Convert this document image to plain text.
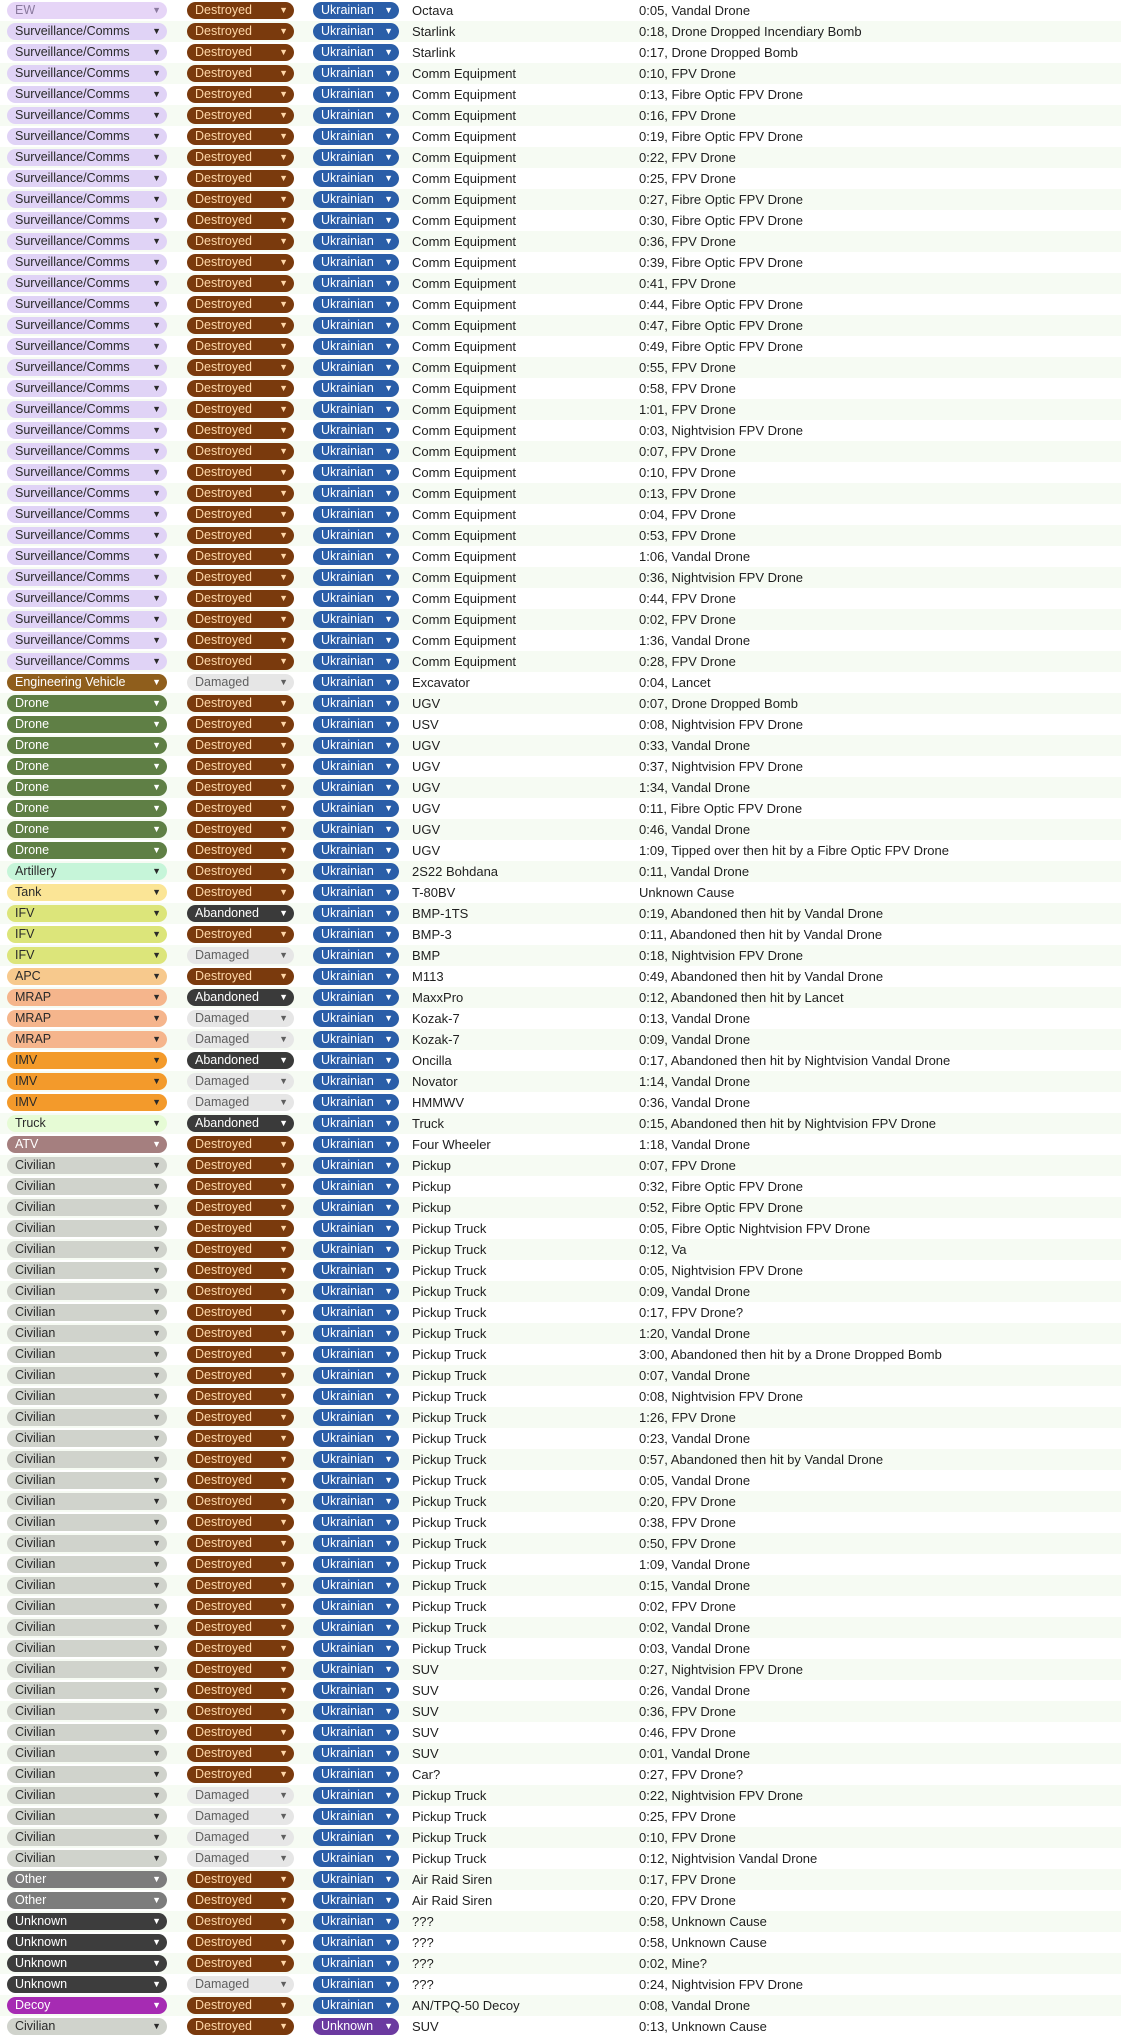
EW	▼	Destroyed	▼	Ukrainian ▼ Octava	0:05, Vandal Drone
Surveillance/Comms ▼	Destroyed	▼	Ukrainian ▼ Starlink	0:18, Drone Dropped Incendiary Bomb
Surveillance/Comms ▼	Destroyed	▼	Ukrainian ▼ Starlink	0:17, Drone Dropped Bomb
Surveillance/Comms ▼	Destroyed	▼	Ukrainian ▼ Comm Equipment	0:10, FPV Drone
Surveillance/Comms ▼	Destroyed	▼	Ukrainian ▼ Comm Equipment	0:13, Fibre Optic FPV Drone
Surveillance/Comms ▼	Destroyed	▼	Ukrainian ▼ Comm Equipment	0:16, FPV Drone
Surveillance/Comms ▼	Destroyed	▼	Ukrainian ▼ Comm Equipment	0:19, Fibre Optic FPV Drone
Surveillance/Comms ▼	Destroyed	▼	Ukrainian ▼ Comm Equipment	0:22, FPV Drone
Surveillance/Comms ▼	Destroyed	▼	Ukrainian ▼ Comm Equipment	0:25, FPV Drone
Surveillance/Comms ▼	Destroyed	▼	Ukrainian ▼ Comm Equipment	0:27, Fibre Optic FPV Drone
Surveillance/Comms ▼	Destroyed	▼	Ukrainian ▼ Comm Equipment	0:30, Fibre Optic FPV Drone
Surveillance/Comms ▼	Destroyed	▼	Ukrainian ▼ Comm Equipment	0:36, FPV Drone
Surveillance/Comms ▼	Destroyed	▼	Ukrainian ▼ Comm Equipment	0:39, Fibre Optic FPV Drone
Surveillance/Comms ▼	Destroyed	▼	Ukrainian ▼ Comm Equipment	0:41, FPV Drone
Surveillance/Comms ▼	Destroyed	▼	Ukrainian ▼ Comm Equipment	0:44, Fibre Optic FPV Drone
Surveillance/Comms ▼	Destroyed	▼	Ukrainian ▼ Comm Equipment	0:47, Fibre Optic FPV Drone
Surveillance/Comms ▼	Destroyed	▼	Ukrainian ▼ Comm Equipment	0:49, Fibre Optic FPV Drone
Surveillance/Comms ▼	Destroyed	▼	Ukrainian ▼ Comm Equipment	0:55, FPV Drone
Surveillance/Comms ▼	Destroyed	▼	Ukrainian ▼ Comm Equipment	0:58, FPV Drone
Surveillance/Comms ▼	Destroyed	▼	Ukrainian ▼ Comm Equipment	1:01, FPV Drone
Surveillance/Comms ▼	Destroyed	▼	Ukrainian ▼ Comm Equipment	0:03, Nightvision FPV Drone
Surveillance/Comms ▼	Destroyed	▼	Ukrainian ▼ Comm Equipment	0:07, FPV Drone
Surveillance/Comms ▼	Destroyed	▼	Ukrainian ▼ Comm Equipment	0:10, FPV Drone
Surveillance/Comms ▼	Destroyed	▼	Ukrainian ▼ Comm Equipment	0:13, FPV Drone
Surveillance/Comms ▼	Destroyed	▼	Ukrainian ▼ Comm Equipment	0:04, FPV Drone
Surveillance/Comms ▼	Destroyed	▼	Ukrainian ▼ Comm Equipment	0:53, FPV Drone
Surveillance/Comms ▼	Destroyed	▼	Ukrainian ▼ Comm Equipment	1:06, Vandal Drone
Surveillance/Comms ▼	Destroyed	▼	Ukrainian ▼ Comm Equipment	0:36, Nightvision FPV Drone
Surveillance/Comms ▼	Destroyed	▼	Ukrainian ▼ Comm Equipment	0:44, FPV Drone
Surveillance/Comms ▼	Destroyed	▼	Ukrainian ▼ Comm Equipment	0:02, FPV Drone
Surveillance/Comms ▼	Destroyed	▼	Ukrainian ▼ Comm Equipment	1:36, Vandal Drone
Surveillance/Comms ▼	Destroyed	▼	Ukrainian ▼ Comm Equipment	0:28, FPV Drone
Engineering Vehicle	▼	Damaged	▼	Ukrainian ▼ Excavator	0:04, Lancet
Drone	▼	Destroyed	▼	Ukrainian ▼ UGV	0:07, Drone Dropped Bomb
Drone	▼	Destroyed	▼	Ukrainian ▼ USV	0:08, Nightvision FPV Drone
Drone	▼	Destroyed	▼	Ukrainian ▼ UGV	0:33, Vandal Drone
Drone	▼	Destroyed	▼	Ukrainian ▼ UGV	0:37, Nightvision FPV Drone
Drone	▼	Destroyed	▼	Ukrainian ▼ UGV	1:34, Vandal Drone
Drone	▼	Destroyed	▼	Ukrainian ▼ UGV	0:11, Fibre Optic FPV Drone
Drone	▼	Destroyed	▼	Ukrainian ▼ UGV	0:46, Vandal Drone
Drone	▼	Destroyed	▼	Ukrainian ▼ UGV	1:09, Tipped over then hit by a Fibre Optic FPV Drone
Artillery	▼	Destroyed	▼	Ukrainian ▼ 2S22 Bohdana	0:11, Vandal Drone
Tank	▼	Destroyed	▼	Ukrainian ▼ T-80BV	Unknown Cause
IFV	▼	Abandoned ▼	Ukrainian ▼ BMP-1TS	0:19, Abandoned then hit by Vandal Drone
IFV	▼	Destroyed	▼	Ukrainian ▼ BMP-3	0:11, Abandoned then hit by Vandal Drone
IFV	▼	Damaged	▼	Ukrainian ▼ BMP	0:18, Nightvision FPV Drone
APC	▼	Destroyed	▼	Ukrainian ▼ M113	0:49, Abandoned then hit by Vandal Drone
MRAP	▼	Abandoned ▼	Ukrainian ▼ MaxxPro	0:12, Abandoned then hit by Lancet
MRAP	▼	Damaged	▼	Ukrainian ▼ Kozak-7	0:13, Vandal Drone
MRAP	▼	Damaged	▼	Ukrainian ▼ Kozak-7	0:09, Vandal Drone
IMV	▼	Abandoned ▼	Ukrainian ▼ Oncilla	0:17, Abandoned then hit by Nightvision Vandal Drone
IMV	▼	Damaged	▼	Ukrainian ▼ Novator	1:14, Vandal Drone
IMV	▼	Damaged	▼	Ukrainian ▼ HMMWV	0:36, Vandal Drone
Truck	▼	Abandoned ▼	Ukrainian ▼ Truck	0:15, Abandoned then hit by Nightvision FPV Drone
ATV	▼	Destroyed	▼	Ukrainian ▼ Four Wheeler	1:18, Vandal Drone
Civilian	▼	Destroyed	▼	Ukrainian ▼ Pickup	0:07, FPV Drone
Civilian	▼	Destroyed	▼	Ukrainian ▼ Pickup	0:32, Fibre Optic FPV Drone
Civilian	▼	Destroyed	▼	Ukrainian ▼ Pickup	0:52, Fibre Optic FPV Drone
Civilian	▼	Destroyed	▼	Ukrainian ▼ Pickup Truck	0:05, Fibre Optic Nightvision FPV Drone
Civilian	▼	Destroyed	▼	Ukrainian ▼ Pickup Truck	0:12, Va
Civilian	▼	Destroyed	▼	Ukrainian ▼ Pickup Truck	0:05, Nightvision FPV Drone
Civilian	▼	Destroyed	▼	Ukrainian ▼ Pickup Truck	0:09, Vandal Drone
Civilian	▼	Destroyed	▼	Ukrainian ▼ Pickup Truck	0:17, FPV Drone?
Civilian	▼	Destroyed	▼	Ukrainian ▼ Pickup Truck	1:20, Vandal Drone
Civilian	▼	Destroyed	▼	Ukrainian ▼ Pickup Truck	3:00, Abandoned then hit by a Drone Dropped Bomb
Civilian	▼	Destroyed	▼	Ukrainian ▼ Pickup Truck	0:07, Vandal Drone
Civilian	▼	Destroyed	▼	Ukrainian ▼ Pickup Truck	0:08, Nightvision FPV Drone
Civilian	▼	Destroyed	▼	Ukrainian ▼ Pickup Truck	1:26, FPV Drone
Civilian	▼	Destroyed	▼	Ukrainian ▼ Pickup Truck	0:23, Vandal Drone
Civilian	▼	Destroyed	▼	Ukrainian ▼ Pickup Truck	0:57, Abandoned then hit by Vandal Drone
Civilian	▼	Destroyed	▼	Ukrainian ▼ Pickup Truck	0:05, Vandal Drone
Civilian	▼	Destroyed	▼	Ukrainian ▼ Pickup Truck	0:20, FPV Drone
Civilian	▼	Destroyed	▼	Ukrainian ▼ Pickup Truck	0:38, FPV Drone
Civilian	▼	Destroyed	▼	Ukrainian ▼ Pickup Truck	0:50, FPV Drone
Civilian	▼	Destroyed	▼	Ukrainian ▼ Pickup Truck	1:09, Vandal Drone
Civilian	▼	Destroyed	▼	Ukrainian ▼ Pickup Truck	0:15, Vandal Drone
Civilian	▼	Destroyed	▼	Ukrainian ▼ Pickup Truck	0:02, FPV Drone
Civilian	▼	Destroyed	▼	Ukrainian ▼ Pickup Truck	0:02, Vandal Drone
Civilian	▼	Destroyed	▼	Ukrainian ▼ Pickup Truck	0:03, Vandal Drone
Civilian	▼	Destroyed	▼	Ukrainian ▼ SUV	0:27, Nightvision FPV Drone
Civilian	▼	Destroyed	▼	Ukrainian ▼ SUV	0:26, Vandal Drone
Civilian	▼	Destroyed	▼	Ukrainian ▼ SUV	0:36, FPV Drone
Civilian	▼	Destroyed	▼	Ukrainian ▼ SUV	0:46, FPV Drone
Civilian	▼	Destroyed	▼	Ukrainian ▼ SUV	0:01, Vandal Drone
Civilian	▼	Destroyed	▼	Ukrainian ▼ Car?	0:27, FPV Drone?
Civilian	▼	Damaged	▼	Ukrainian ▼ Pickup Truck	0:22, Nightvision FPV Drone
Civilian	▼	Damaged	▼	Ukrainian ▼ Pickup Truck	0:25, FPV Drone
Civilian	▼	Damaged	▼	Ukrainian ▼ Pickup Truck	0:10, FPV Drone
Civilian	▼	Damaged	▼	Ukrainian ▼ Pickup Truck	0:12, Nightvision Vandal Drone
Other	▼	Destroyed	▼	Ukrainian ▼ Air Raid Siren	0:17, FPV Drone
Other	▼	Destroyed	▼	Ukrainian ▼ Air Raid Siren	0:20, FPV Drone
Unknown	▼	Destroyed	▼	Ukrainian ▼ ???	0:58, Unknown Cause
Unknown	▼	Destroyed	▼	Ukrainian ▼ ???	0:58, Unknown Cause
Unknown	▼	Destroyed	▼	Ukrainian ▼ ???	0:02, Mine?
Unknown	▼	Damaged	▼	Ukrainian ▼ ???	0:24, Nightvision FPV Drone
Decoy	▼	Destroyed	▼	Ukrainian ▼ AN/TPQ-50 Decoy	0:08, Vandal Drone
Civilian	▼	Destroyed	▼	Unknown ▼ SUV	0:13, Unknown Cause
